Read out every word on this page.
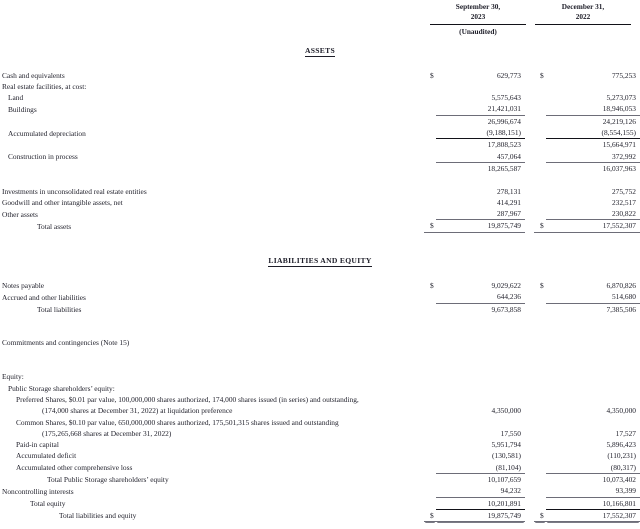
September 30,
2023
(Unaudited)
December 31,
2022
ASSETS					

Cash and equivalents	$	629,773		$	775,253
Real estate facilities, at cost:					
Land		5,575,643			5,273,073
Buildings		21,421,031			18,946,053
		26,996,674			24,219,126
Accumulated depreciation		(9,188,151)			(8,554,155)
		17,808,523			15,664,971
Construction in process		457,064			372,992
		18,265,587			16,037,963

Investments in unconsolidated real estate entities		278,131			275,752
Goodwill and other intangible assets, net		414,291			232,517
Other assets		287,967			230,822
Total assets	$	19,875,749		$	17,552,307

LIABILITIES AND EQUITY					

Notes payable	$	9,029,622		$	6,870,826
Accrued and other liabilities		644,236			514,680
Total liabilities		9,673,858			7,385,506

Commitments and contingencies (Note 15)					

Equity:					
Public Storage shareholders’ equity:					
Preferred Shares, $0.01 par value, 100,000,000 shares authorized, 174,000 shares issued (in series) and outstanding,
(174,000 shares at December 31, 2022) at liquidation preference		4,350,000			4,350,000
Common Shares, $0.10 par value, 650,000,000 shares authorized, 175,501,315 shares issued and outstanding
(175,265,668 shares at December 31, 2022)		17,550			17,527
Paid-in capital		5,951,794			5,896,423
Accumulated deficit		(130,581)			(110,231)
Accumulated other comprehensive loss		(81,104)			(80,317)
Total Public Storage shareholders’ equity		10,107,659			10,073,402
Noncontrolling interests		94,232			93,399
Total equity		10,201,891			10,166,801
Total liabilities and equity	$	19,875,749		$	17,552,307
